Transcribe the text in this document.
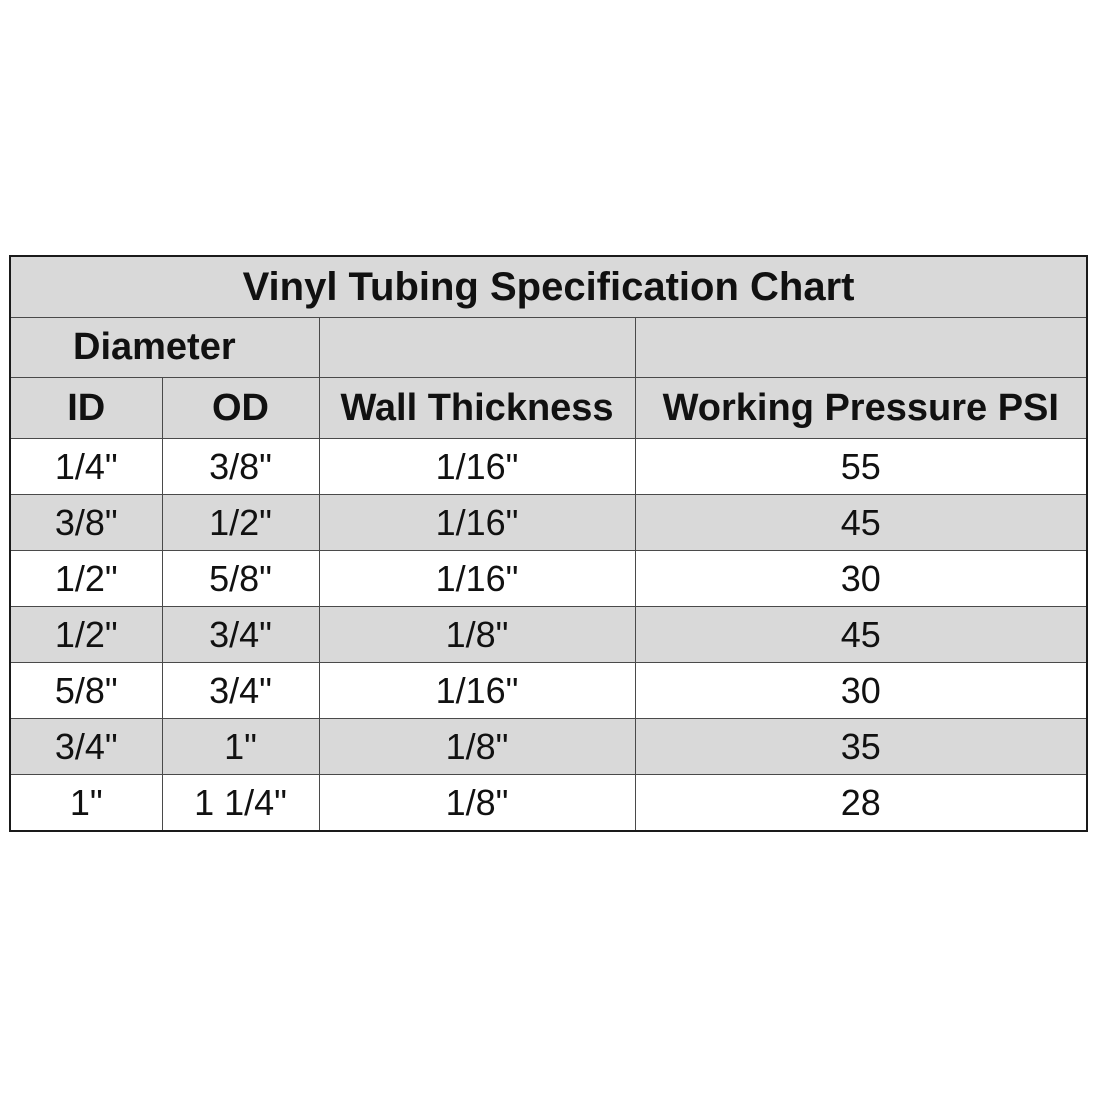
Vinyl Tubing Specification Chart			
Diameter			
ID	OD	Wall Thickness	Working Pressure PSI
1/4"	3/8"	1/16"	55
3/8"	1/2"	1/16"	45
1/2"	5/8"	1/16"	30
1/2"	3/4"	1/8"	45
5/8"	3/4"	1/16"	30
3/4"	1"	1/8"	35
1"	1 1/4"	1/8"	28
